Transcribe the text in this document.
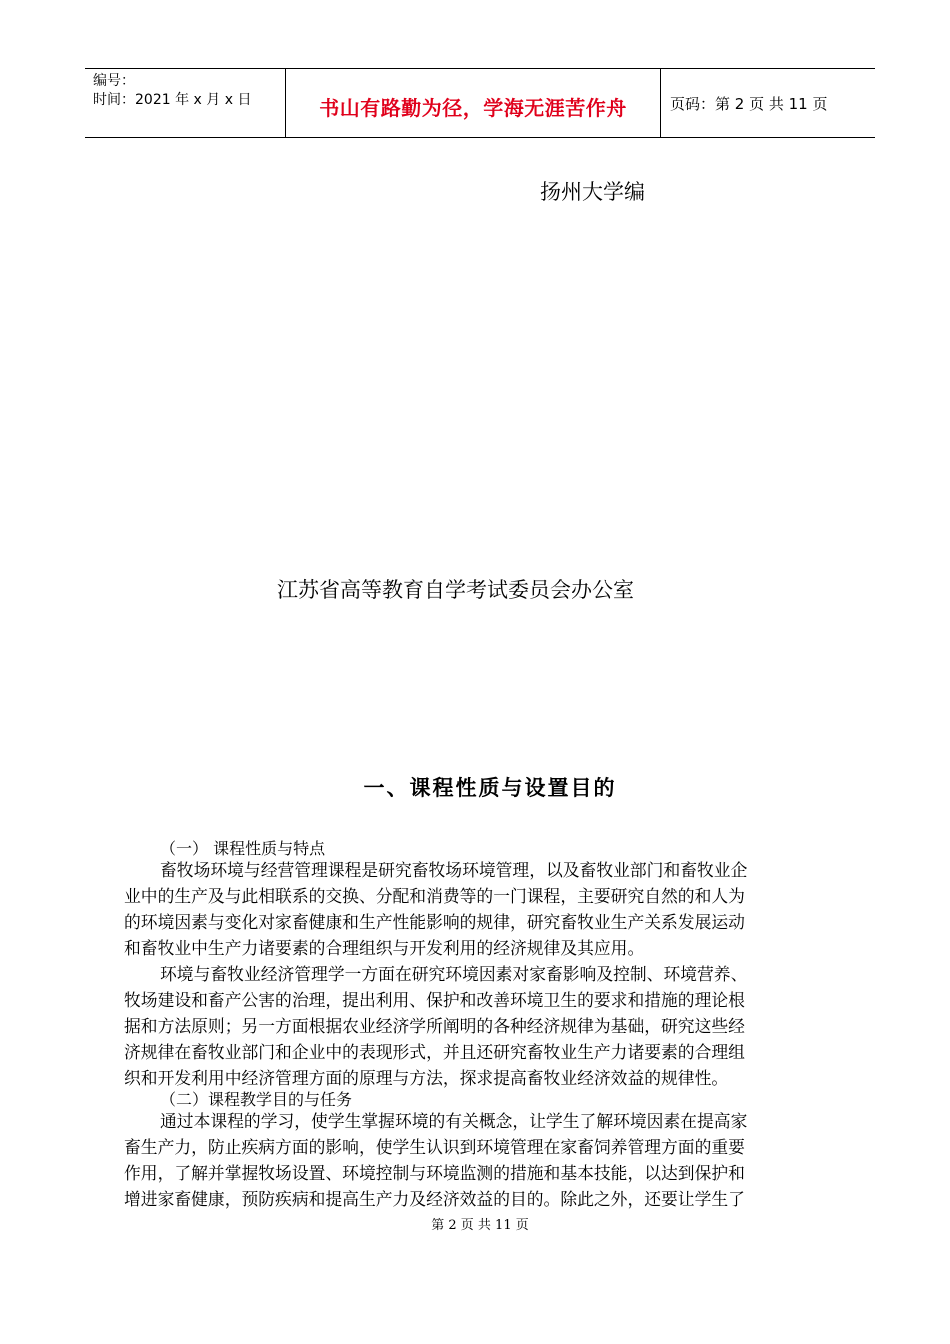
编号：
时间：2021 年 x 月 x 日	书山有路勤为径，学海无涯苦作舟	页码：第 2 页 共 11 页
扬州大学编
江苏省高等教育自学考试委员会办公室
一、课程性质与设置目的
（一） 课程性质与特点
畜牧场环境与经营管理课程是研究畜牧场环境管理，以及畜牧业部门和畜牧业企
业中的生产及与此相联系的交换、分配和消费等的一门课程，主要研究自然的和人为
的环境因素与变化对家畜健康和生产性能影响的规律，研究畜牧业生产关系发展运动
和畜牧业中生产力诸要素的合理组织与开发利用的经济规律及其应用。
环境与畜牧业经济管理学一方面在研究环境因素对家畜影响及控制、环境营养、
牧场建设和畜产公害的治理，提出利用、保护和改善环境卫生的要求和措施的理论根
据和方法原则；另一方面根据农业经济学所阐明的各种经济规律为基础，研究这些经
济规律在畜牧业部门和企业中的表现形式，并且还研究畜牧业生产力诸要素的合理组
织和开发利用中经济管理方面的原理与方法，探求提高畜牧业经济效益的规律性。
（二）课程教学目的与任务
通过本课程的学习，使学生掌握环境的有关概念，让学生了解环境因素在提高家
畜生产力，防止疾病方面的影响，使学生认识到环境管理在家畜饲养管理方面的重要
作用，了解并掌握牧场设置、环境控制与环境监测的措施和基本技能，以达到保护和
增进家畜健康，预防疾病和提高生产力及经济效益的目的。除此之外，还要让学生了
第 2 页 共 11 页
